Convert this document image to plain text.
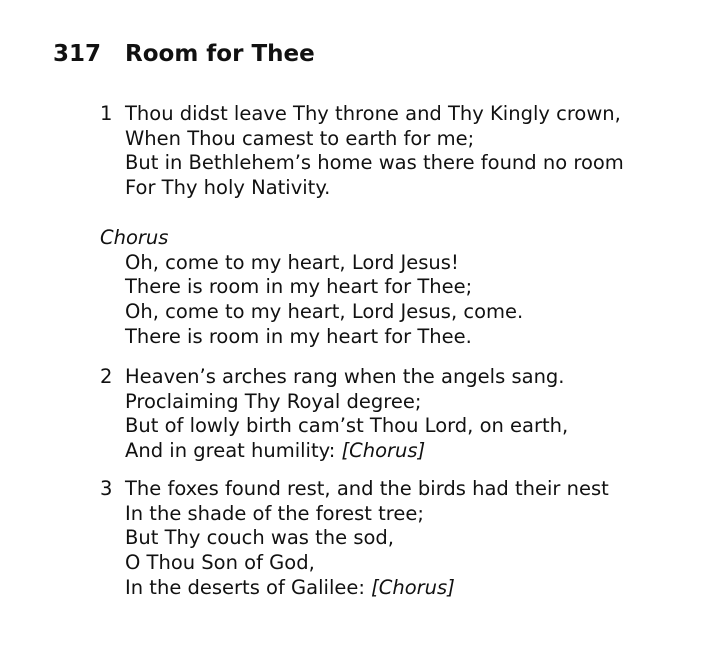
317 Room for Thee
1 Thou didst leave Thy throne and Thy Kingly crown,
When Thou camest to earth for me;
But in Bethlehem’s home was there found no room
For Thy holy Nativity.
Chorus
Oh, come to my heart, Lord Jesus!
There is room in my heart for Thee;
Oh, come to my heart, Lord Jesus, come.
There is room in my heart for Thee.
2 Heaven’s arches rang when the angels sang.
Proclaiming Thy Royal degree;
But of lowly birth cam’st Thou Lord, on earth,
And in great humility: [Chorus]
3 The foxes found rest, and the birds had their nest
In the shade of the forest tree;
But Thy couch was the sod,
O Thou Son of God,
In the deserts of Galilee: [Chorus]
